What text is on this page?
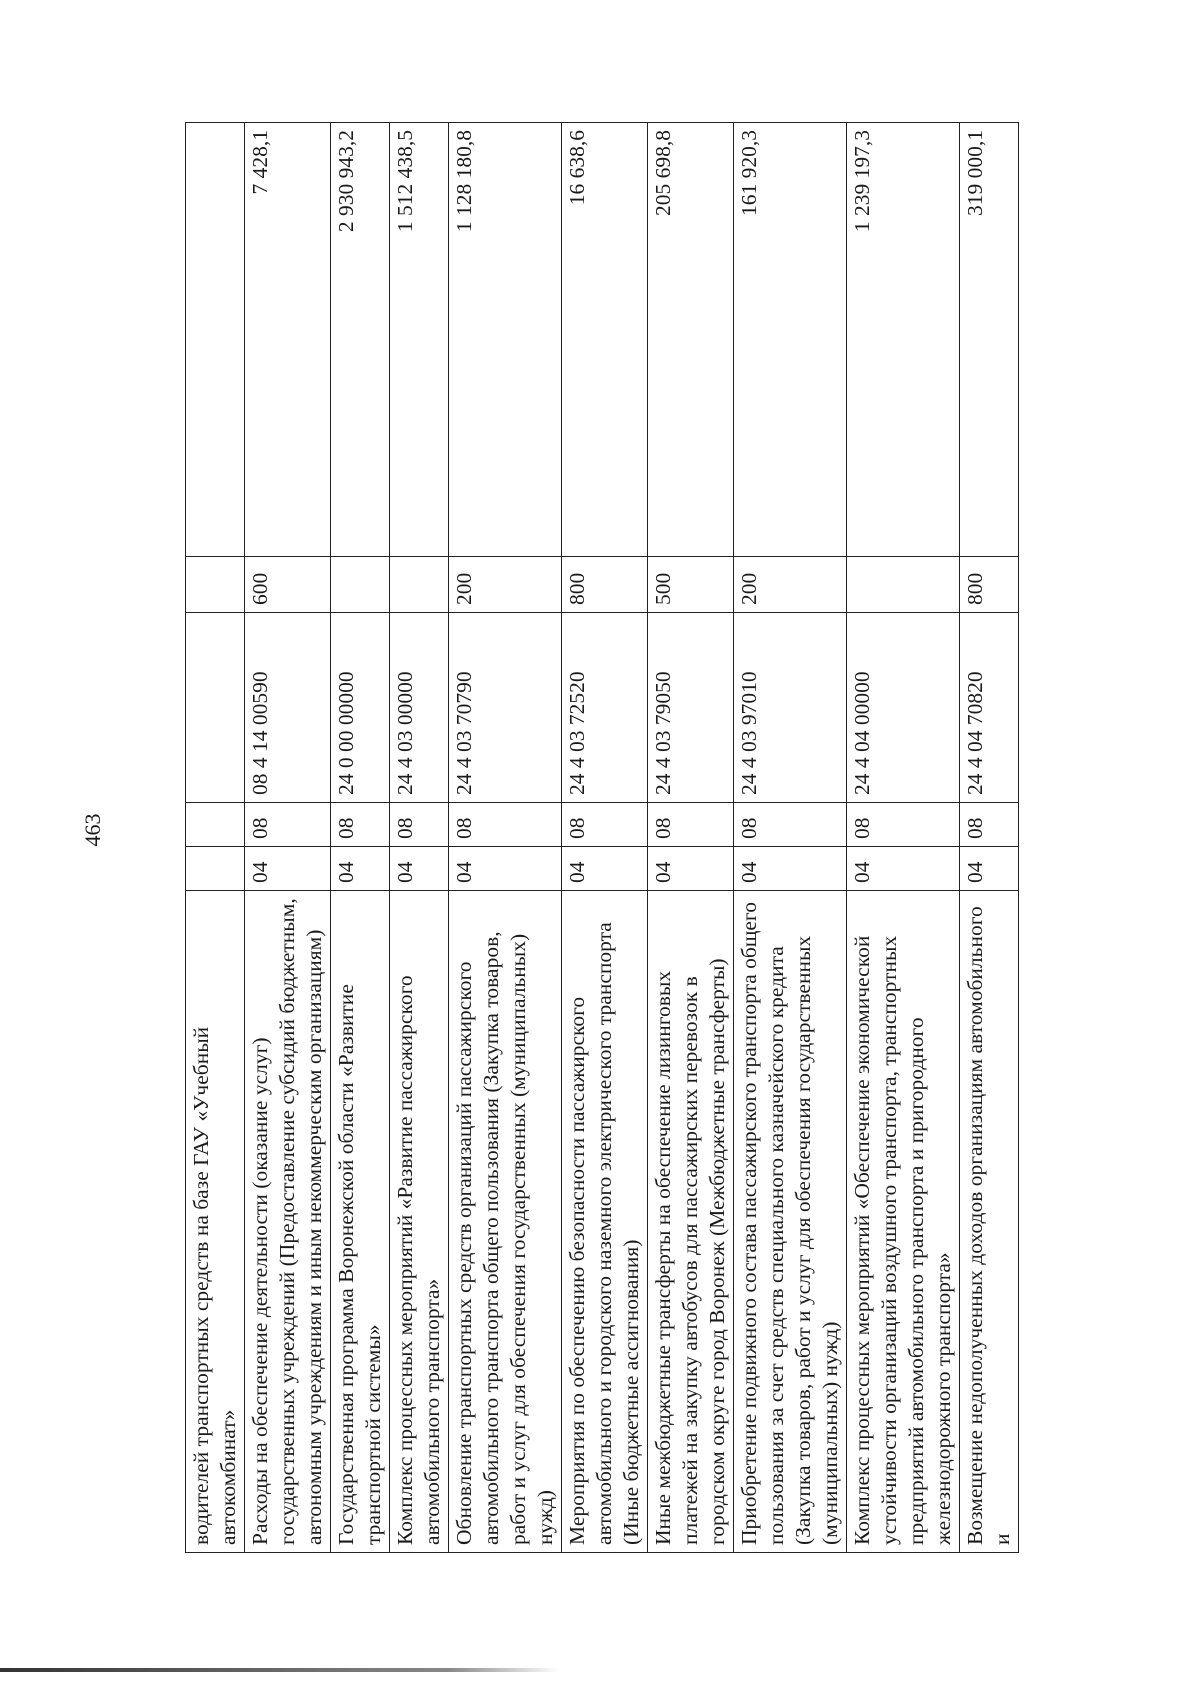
463
водителей транспортных средств на базе ГАУ «Учебный автокомбинат»					
Расходы на обеспечение деятельности (оказание услуг) государственных учреждений (Предоставление субсидий бюджетным, автономным учреждениям и иным некоммерческим организациям)	04	08	08 4 14 00590	600	7 428,1
Государственная программа Воронежской области «Развитие транспортной системы»	04	08	24 0 00 00000		2 930 943,2
Комплекс процессных мероприятий «Развитие пассажирского автомобильного транспорта»	04	08	24 4 03 00000		1 512 438,5
Обновление транспортных средств организаций пассажирского автомобильного транспорта общего пользования (Закупка товаров, работ и услуг для обеспечения государственных (муниципальных) нужд)	04	08	24 4 03 70790	200	1 128 180,8
Мероприятия по обеспечению безопасности пассажирского автомобильного и городского наземного электрического транспорта (Иные бюджетные ассигнования)	04	08	24 4 03 72520	800	16 638,6
Иные межбюджетные трансферты на обеспечение лизинговых платежей на закупку автобусов для пассажирских перевозок в городском округе город Воронеж (Межбюджетные трансферты)	04	08	24 4 03 79050	500	205 698,8
Приобретение подвижного состава пассажирского транспорта общего пользования за счет средств специального казначейского кредита (Закупка товаров, работ и услуг для обеспечения государственных (муниципальных) нужд)	04	08	24 4 03 97010	200	161 920,3
Комплекс процессных мероприятий «Обеспечение экономической устойчивости организаций воздушного транспорта, транспортных предприятий автомобильного транспорта и пригородного железнодорожного транспорта»	04	08	24 4 04 00000		1 239 197,3
Возмещение недополученных доходов организациям автомобильного и	04	08	24 4 04 70820	800	319 000,1
